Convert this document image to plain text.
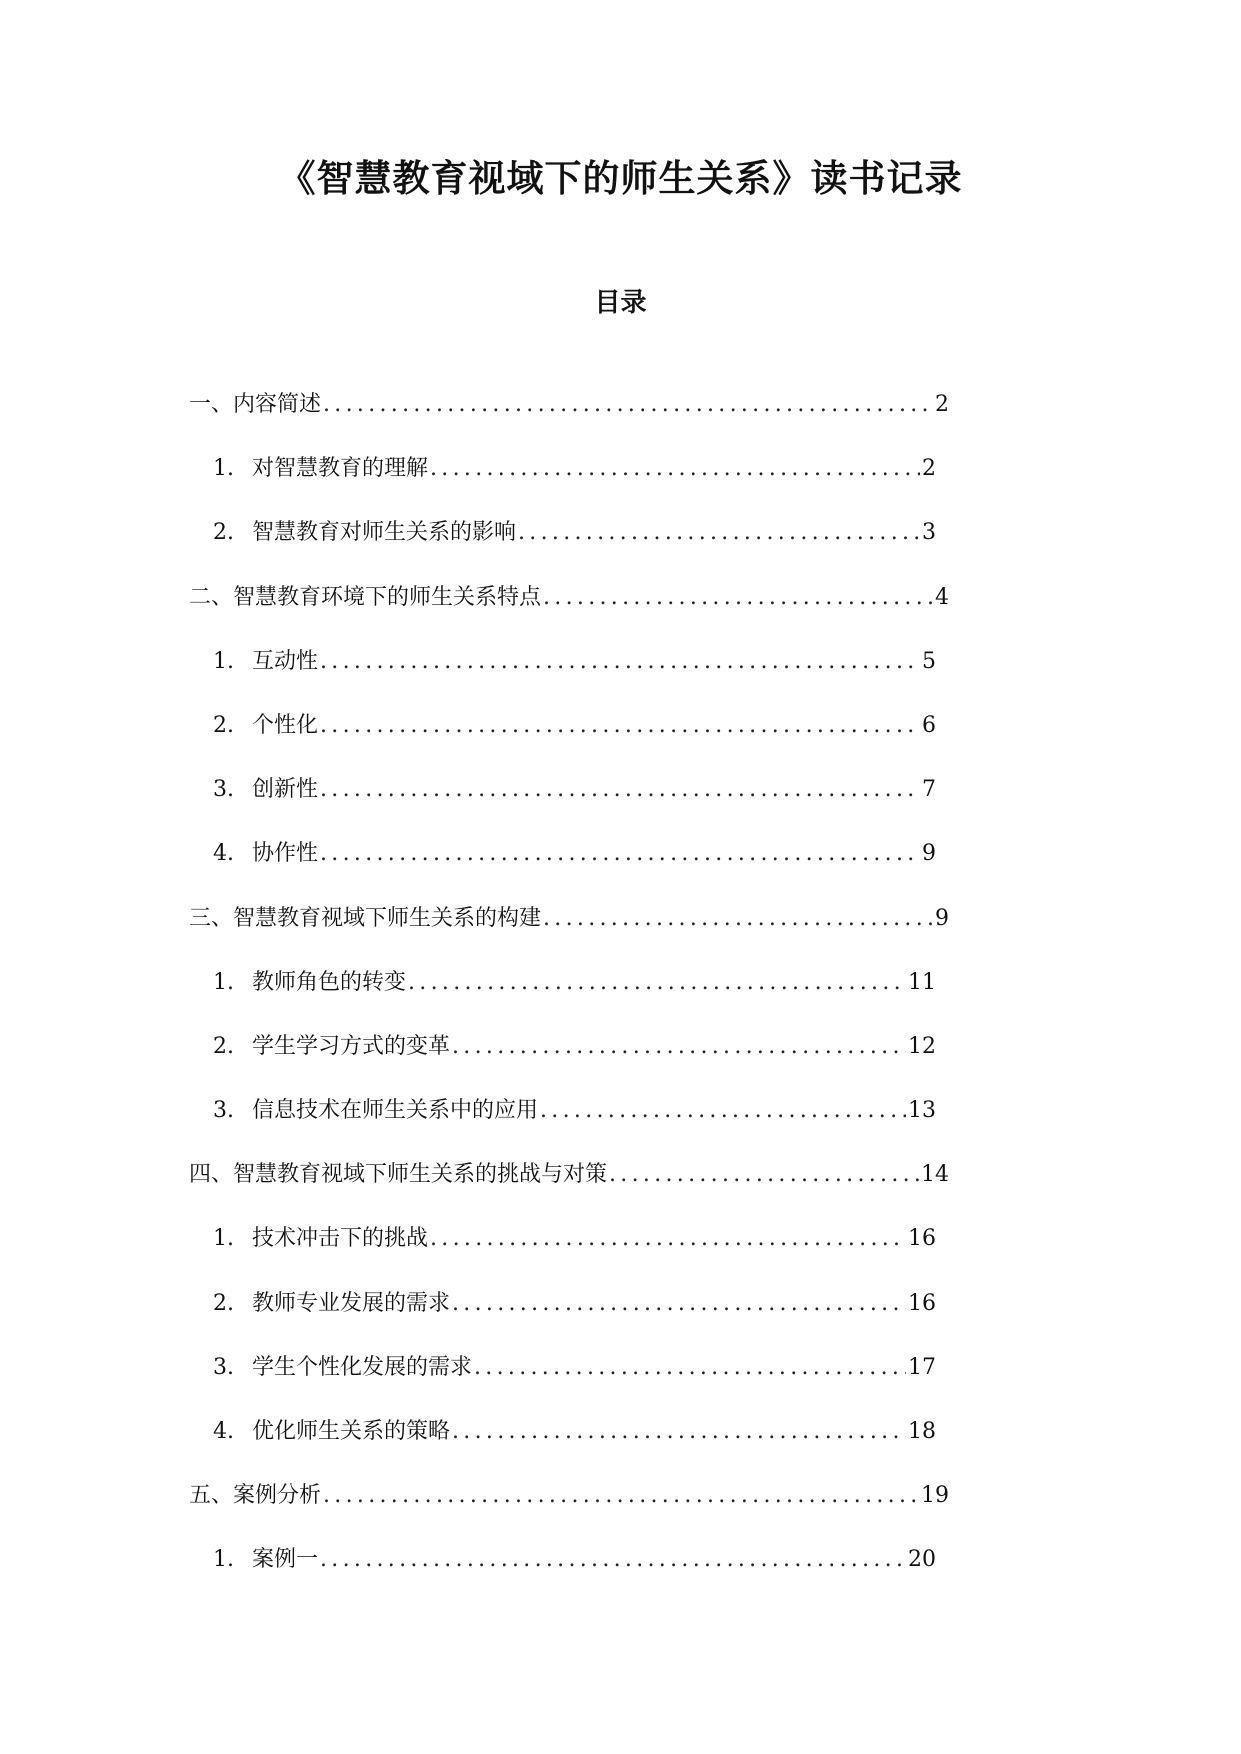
《智慧教育视域下的师生关系》读书记录
目录
一、内容简述 .....	2
1. 对智慧教育的理解 .....	2
2. 智慧教育对师生关系的影响 .....	3
二、智慧教育环境下的师生关系特点 .....	4
1. 互动性 .....	5
2. 个性化 .....	6
3. 创新性 .....	7
4. 协作性 .....	9
三、智慧教育视域下师生关系的构建 .....	9
1. 教师角色的转变 .....	11
2. 学生学习方式的变革 .....	12
3. 信息技术在师生关系中的应用 .....	13
四、智慧教育视域下师生关系的挑战与对策 .....	14
1. 技术冲击下的挑战 .....	16
2. 教师专业发展的需求 .....	16
3. 学生个性化发展的需求 .....	17
4. 优化师生关系的策略 .....	18
五、案例分析 .....	19
1. 案例一 .....	20
